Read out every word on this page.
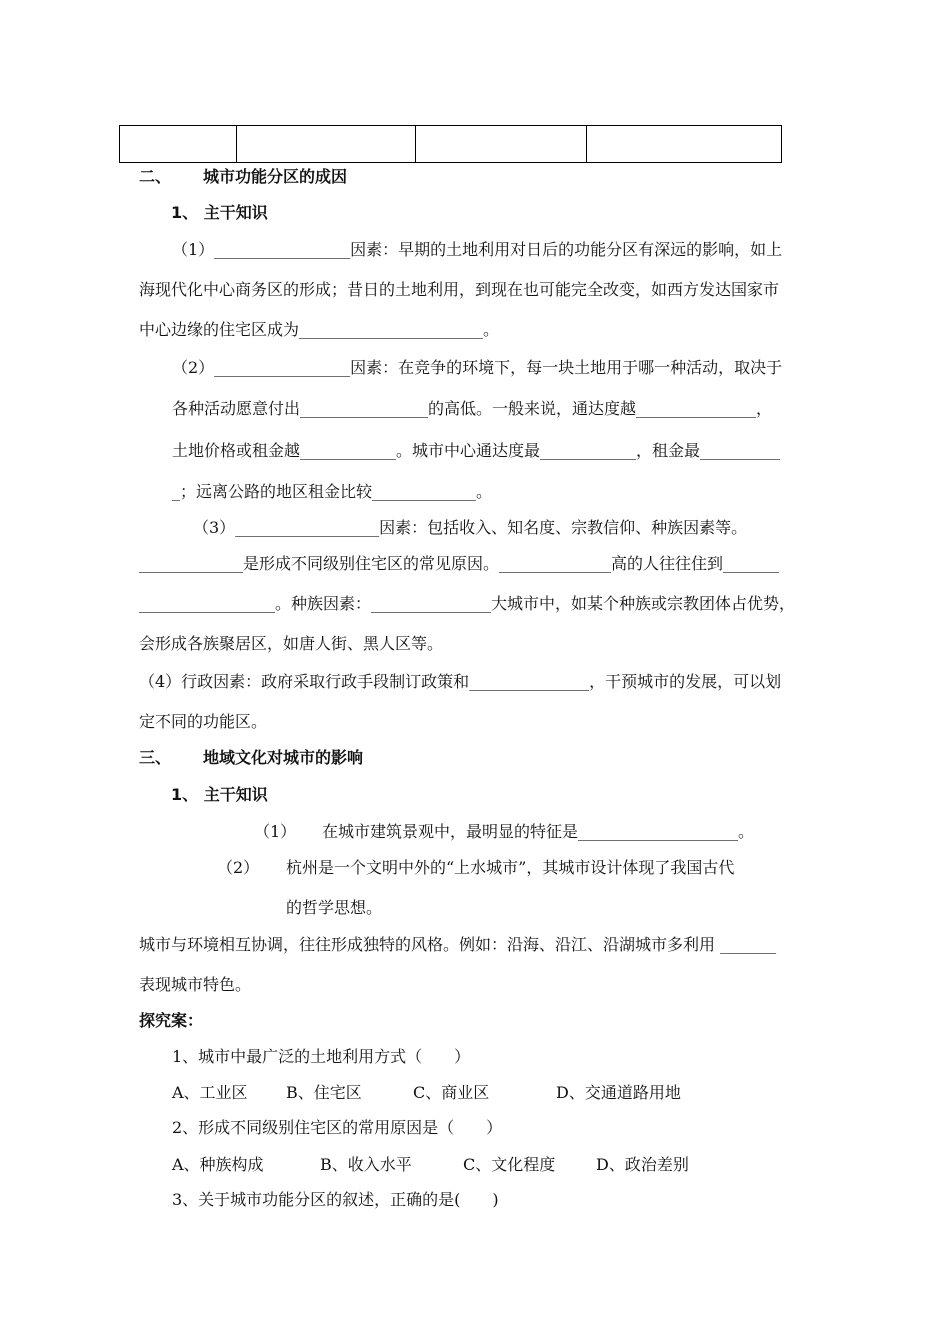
二、 城市功能分区的成因
1、 主干知识
（1）_________________因素：早期的土地利用对日后的功能分区有深远的影响，如上
海现代化中心商务区的形成；昔日的土地利用，到现在也可能完全改变，如西方发达国家市
中心边缘的住宅区成为_______________________。
（2）_________________因素：在竞争的环境下，每一块土地用于哪一种活动，取决于
各种活动愿意付出________________的高低。一般来说，通达度越_______________，
土地价格或租金越____________。城市中心通达度最____________，租金最__________
_；远离公路的地区租金比较_____________。
（3）__________________因素：包括收入、知名度、宗教信仰、种族因素等。
_____________是形成不同级别住宅区的常见原因。______________高的人往往住到_______
_________________。种族因素：_______________大城市中，如某个种族或宗教团体占优势，
会形成各族聚居区，如唐人街、黑人区等。
（4）行政因素：政府采取行政手段制订政策和_______________，干预城市的发展，可以划
定不同的功能区。
三、 地域文化对城市的影响
1、 主干知识
（1） 在城市建筑景观中，最明显的特征是____________________。
（2） 杭州是一个文明中外的“上水城市”，其城市设计体现了我国古代
的哲学思想。
城市与环境相互协调，往往形成独特的风格。例如：沿海、沿江、沿湖城市多利用 _______
表现城市特色。
探究案：
1、城市中最广泛的土地利用方式（　　）
A、工业区 B、住宅区	C、商业区	D、交通道路用地
2、形成不同级别住宅区的常用原因是（　　）
A、种族构成	B、收入水平	C、文化程度	D、政治差别
3、关于城市功能分区的叙述，正确的是(　　)
